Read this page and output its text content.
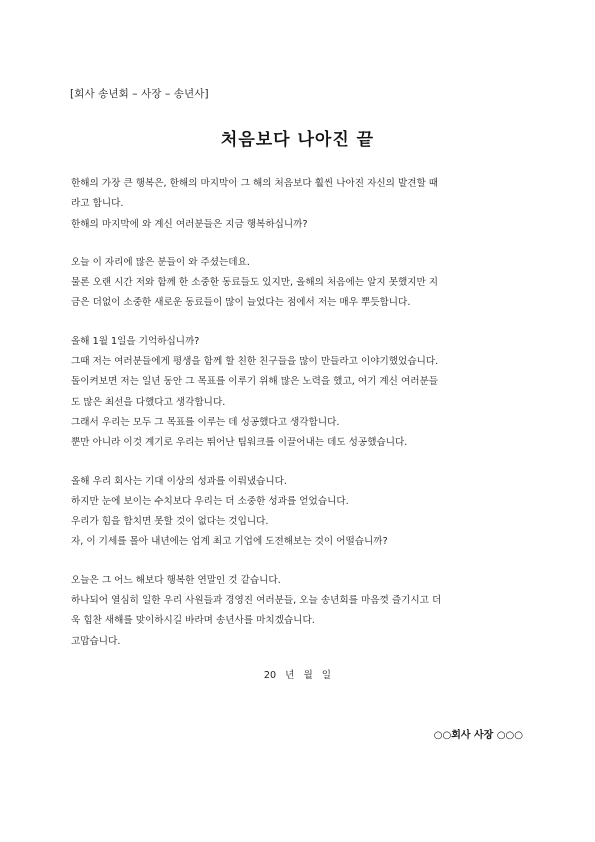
[회사 송년회 – 사장 – 송년사]
처음보다 나아진 끝
한해의 가장 큰 행복은, 한해의 마지막이 그 해의 처음보다 훨씬 나아진 자신의 발견할 때
라고 합니다.
한해의 마지막에 와 계신 여러분들은 지금 행복하십니까?
오늘 이 자리에 많은 분들이 와 주셨는데요.
물론 오랜 시간 저와 함께 한 소중한 동료들도 있지만, 올해의 처음에는 알지 못했지만 지
금은 더없이 소중한 새로운 동료들이 많이 늘었다는 점에서 저는 매우 뿌듯합니다.
올해 1월 1일을 기억하십니까?
그때 저는 여러분들에게 평생을 함께 할 친한 친구들을 많이 만들라고 이야기했었습니다.
돌이켜보면 저는 일년 동안 그 목표를 이루기 위해 많은 노력을 했고, 여기 계신 여러분들
도 많은 최선을 다했다고 생각합니다.
그래서 우리는 모두 그 목표를 이루는 데 성공했다고 생각합니다.
뿐만 아니라 이것 계기로 우리는 뛰어난 팀워크를 이끌어내는 데도 성공했습니다.
올해 우리 회사는 기대 이상의 성과를 이뤄냈습니다.
하지만 눈에 보이는 수치보다 우리는 더 소중한 성과를 얻었습니다.
우리가 힘을 합치면 못할 것이 없다는 것입니다.
자, 이 기세를 몰아 내년에는 업계 최고 기업에 도전해보는 것이 어떨습니까?
오늘은 그 어느 해보다 행복한 연말인 것 같습니다.
하나되어 열심히 일한 우리 사원들과 경영진 여러분들, 오늘 송년회를 마음껏 즐기시고 더
욱 힘찬 새해를 맞이하시길 바라며 송년사를 마치겠습니다.
고맙습니다.
20 년 월 일
○○회사 사장 ○○○
